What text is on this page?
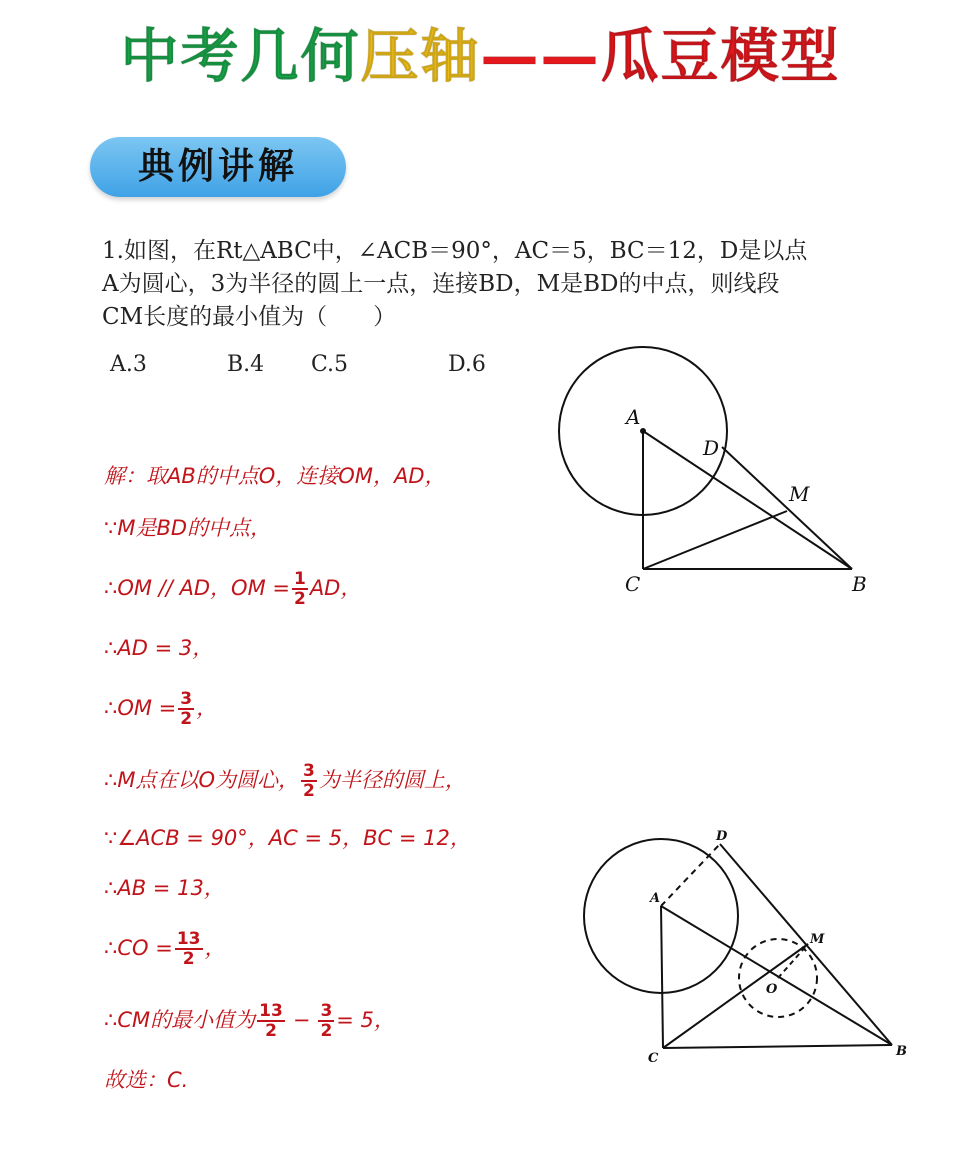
中考几何压轴——瓜豆模型
典例讲解
1.如图，在Rt△ABC中，∠ACB＝90°，AC＝5，BC＝12，D是以点
A为圆心，3为半径的圆上一点，连接BD，M是BD的中点，则线段
CM长度的最小值为（　　）
A.3	B.4 C.5	D.6
解：取AB的中点O，连接OM，AD，
∵M是BD的中点，
∴OM // AD，OM = $\frac{1}{2}$ AD，
∴AD = 3，
∴OM = $\frac{3}{2}$ ，
∴M点在以O为圆心， $\frac{3}{2}$ 为半径的圆上，
∵∠ACB = 90°，AC = 5，BC = 12，
∴AB = 13，
∴CO = $\frac{13}{2}$ ，
∴CM的最小值为 $\frac{13}{2} - \frac{3}{2} = 5$，
故选：C.
A
D
M
C	B
D
A
M
O
C	B
